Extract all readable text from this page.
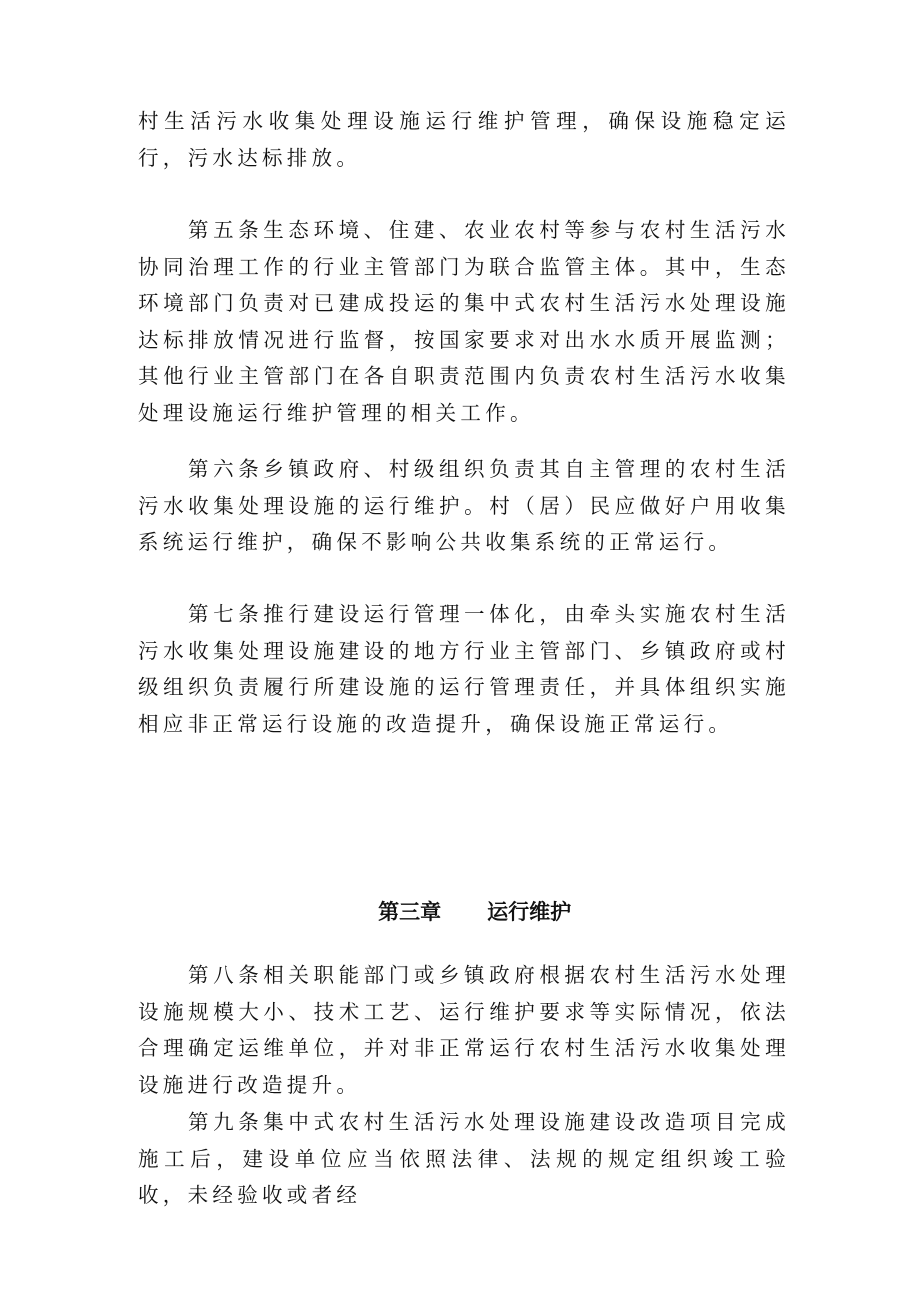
村生活污水收集处理设施运行维护管理，确保设施稳定运行，污水达标排放。

第五条生态环境、住建、农业农村等参与农村生活污水协同治理工作的行业主管部门为联合监管主体。其中，生态环境部门负责对已建成投运的集中式农村生活污水处理设施达标排放情况进行监督，按国家要求对出水水质开展监测；其他行业主管部门在各自职责范围内负责农村生活污水收集处理设施运行维护管理的相关工作。

第六条乡镇政府、村级组织负责其自主管理的农村生活污水收集处理设施的运行维护。村（居）民应做好户用收集系统运行维护，确保不影响公共收集系统的正常运行。

第七条推行建设运行管理一体化，由牵头实施农村生活污水收集处理设施建设的地方行业主管部门、乡镇政府或村级组织负责履行所建设施的运行管理责任，并具体组织实施相应非正常运行设施的改造提升，确保设施正常运行。

第三章 运行维护

第八条相关职能部门或乡镇政府根据农村生活污水处理设施规模大小、技术工艺、运行维护要求等实际情况，依法合理确定运维单位，并对非正常运行农村生活污水收集处理设施进行改造提升。

第九条集中式农村生活污水处理设施建设改造项目完成施工后，建设单位应当依照法律、法规的规定组织竣工验收，未经验收或者经
